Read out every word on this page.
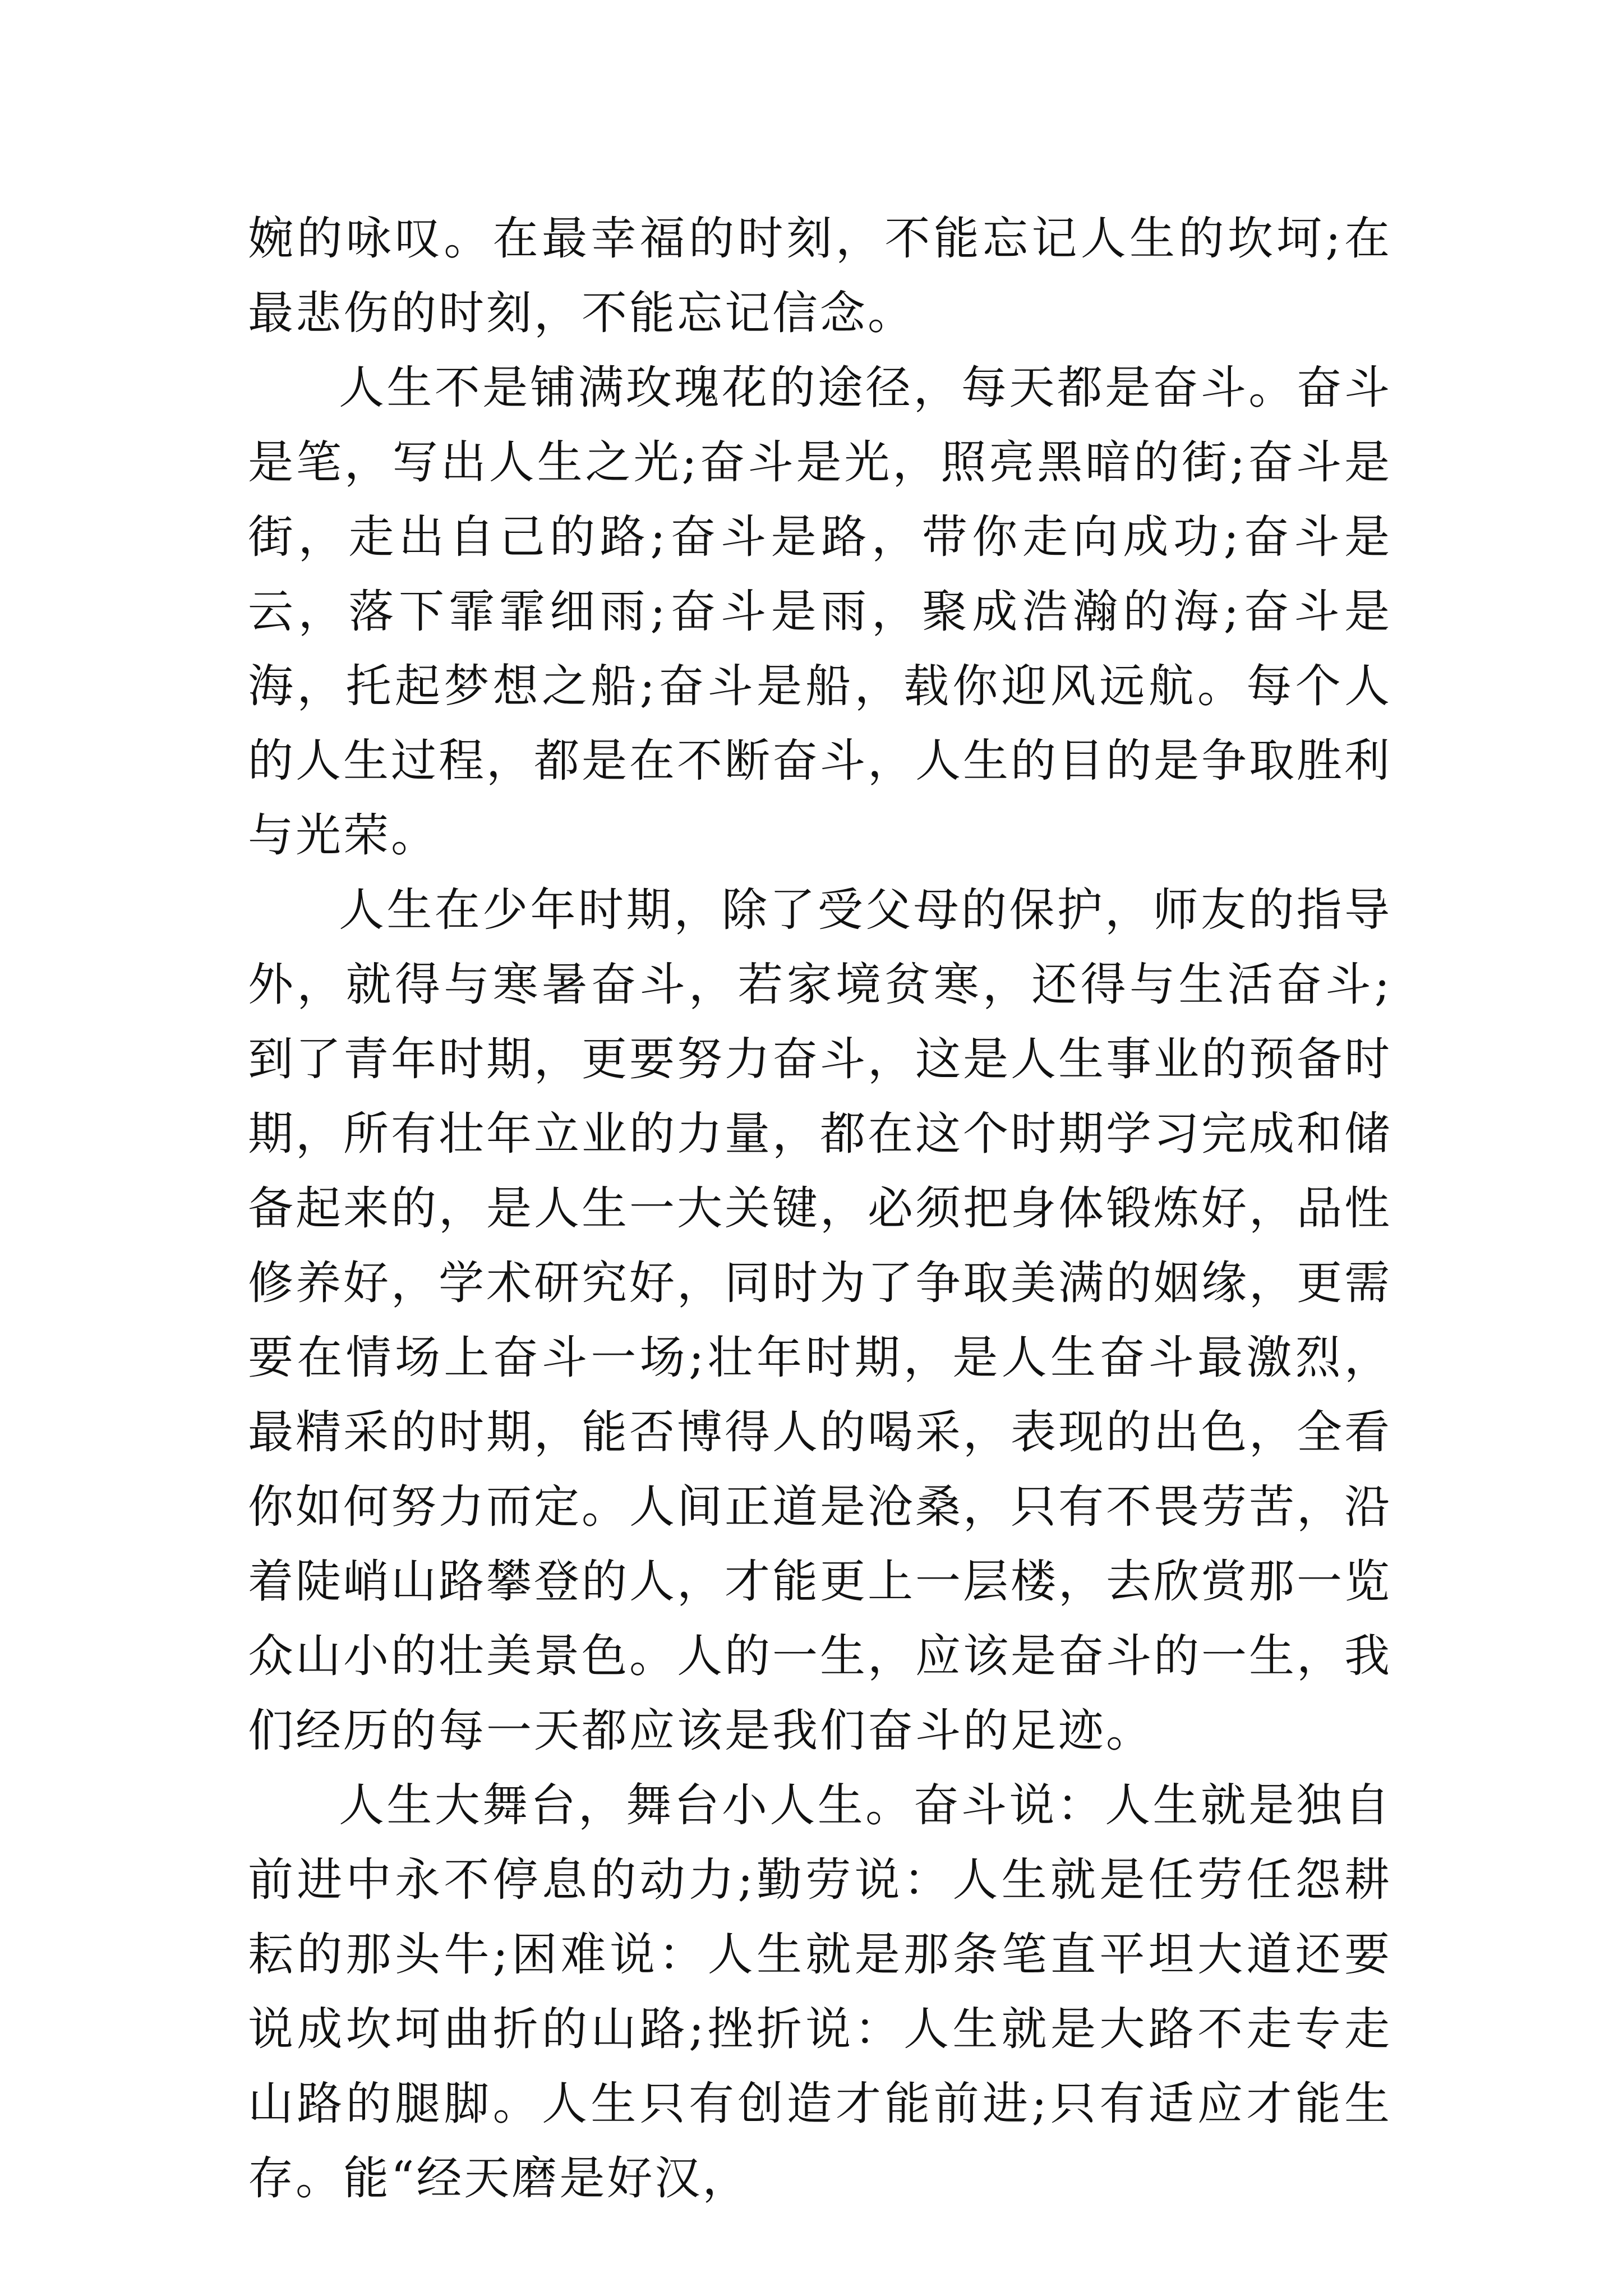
婉的咏叹。在最幸福的时刻，不能忘记人生的坎坷;在最悲伤的时刻，不能忘记信念。

人生不是铺满玫瑰花的途径，每天都是奋斗。奋斗是笔，写出人生之光;奋斗是光，照亮黑暗的街;奋斗是街，走出自己的路;奋斗是路，带你走向成功;奋斗是云，落下霏霏细雨;奋斗是雨，聚成浩瀚的海;奋斗是海，托起梦想之船;奋斗是船，载你迎风远航。每个人的人生过程，都是在不断奋斗，人生的目的是争取胜利与光荣。

人生在少年时期，除了受父母的保护，师友的指导外，就得与寒暑奋斗，若家境贫寒，还得与生活奋斗;到了青年时期，更要努力奋斗，这是人生事业的预备时期，所有壮年立业的力量，都在这个时期学习完成和储备起来的，是人生一大关键，必须把身体锻炼好，品性修养好，学术研究好，同时为了争取美满的姻缘，更需要在情场上奋斗一场;壮年时期，是人生奋斗最激烈，最精采的时期，能否博得人的喝采，表现的出色，全看你如何努力而定。人间正道是沧桑，只有不畏劳苦，沿着陡峭山路攀登的人，才能更上一层楼，去欣赏那一览众山小的壮美景色。人的一生，应该是奋斗的一生，我们经历的每一天都应该是我们奋斗的足迹。

人生大舞台，舞台小人生。奋斗说：人生就是独自前进中永不停息的动力;勤劳说：人生就是任劳任怨耕耘的那头牛;困难说：人生就是那条笔直平坦大道还要说成坎坷曲折的山路;挫折说：人生就是大路不走专走山路的腿脚。人生只有创造才能前进;只有适应才能生存。能“经天磨是好汉，
